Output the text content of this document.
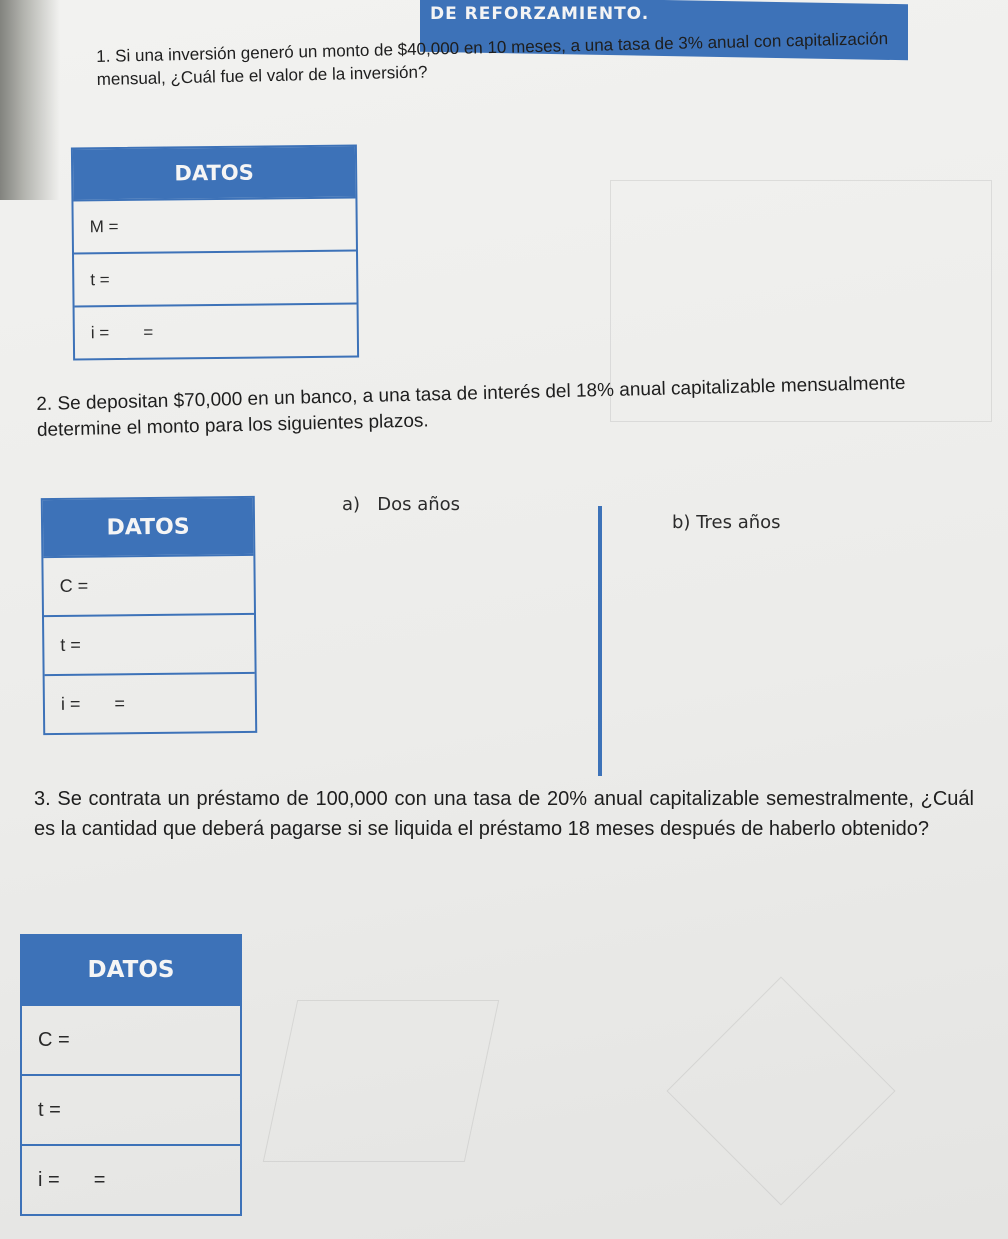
DE REFORZAMIENTO.
1. Si una inversión generó un monto de $40,000 en 10 meses, a una tasa de 3% anual con capitalización mensual, ¿Cuál fue el valor de la inversión?
DATOS
M =
t =
i = =
2. Se depositan $70,000 en un banco, a una tasa de interés del 18% anual capitalizable mensualmente determine el monto para los siguientes plazos.
DATOS
C =
t =
i = =
a) Dos años
b) Tres años
3. Se contrata un préstamo de 100,000 con una tasa de 20% anual capitalizable semestralmente, ¿Cuál es la cantidad que deberá pagarse si se liquida el préstamo 18 meses después de haberlo obtenido?
DATOS
C =
t =
i = =
